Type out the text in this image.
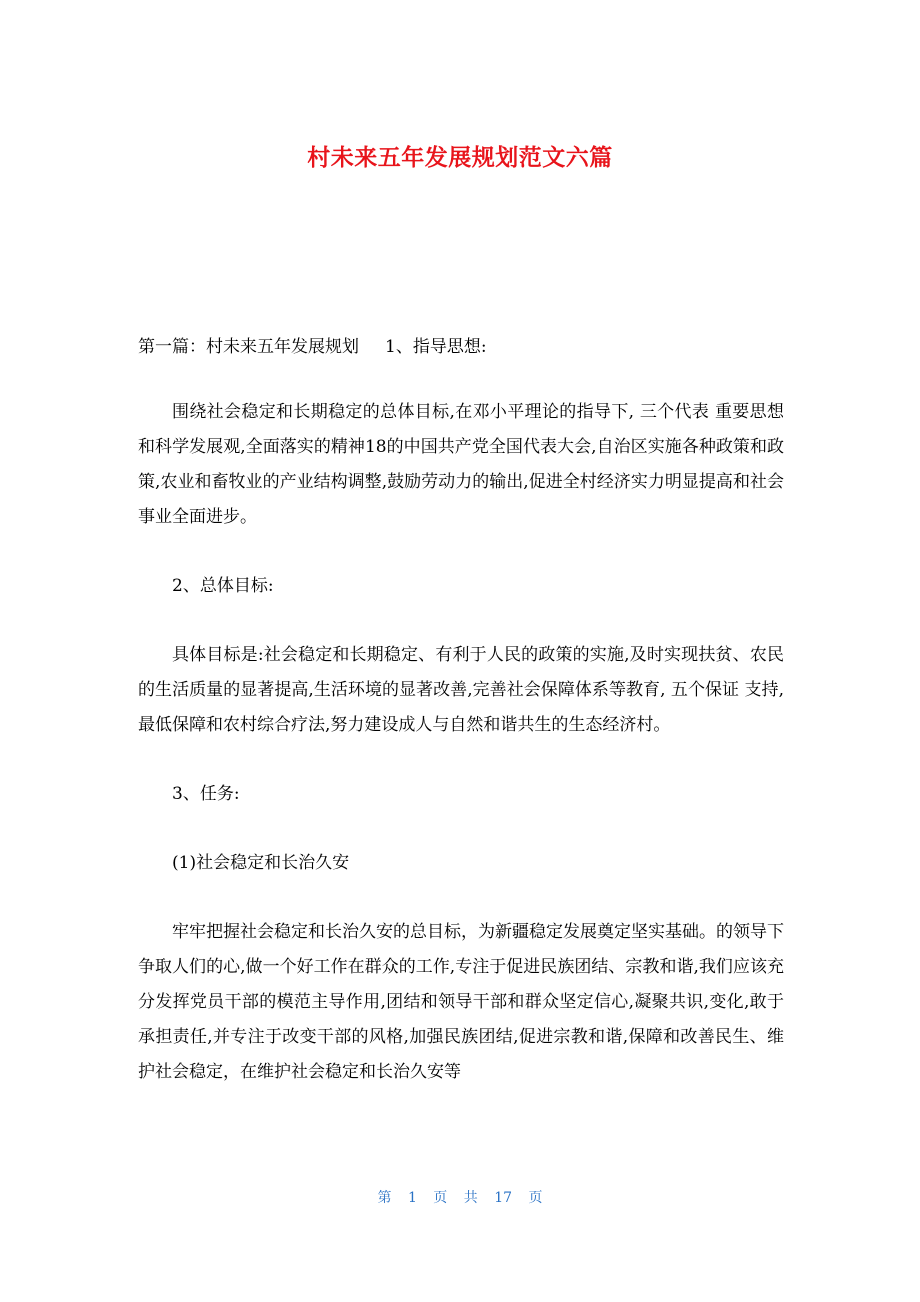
村未来五年发展规划范文六篇

第一篇：村未来五年发展规划 1、指导思想:

围绕社会稳定和长期稳定的总体目标,在邓小平理论的指导下, 三个代表 重要思想和科学发展观,全面落实的精神18的中国共产党全国代表大会,自治区实施各种政策和政策,农业和畜牧业的产业结构调整,鼓励劳动力的输出,促进全村经济实力明显提高和社会事业全面进步。

2、总体目标:

具体目标是:社会稳定和长期稳定、有利于人民的政策的实施,及时实现扶贫、农民的生活质量的显著提高,生活环境的显著改善,完善社会保障体系等教育, 五个保证 支持,最低保障和农村综合疗法,努力建设成人与自然和谐共生的生态经济村。

3、任务:

(1)社会稳定和长治久安

牢牢把握社会稳定和长治久安的总目标，为新疆稳定发展奠定坚实基础。的领导下争取人们的心,做一个好工作在群众的工作,专注于促进民族团结、宗教和谐,我们应该充分发挥党员干部的模范主导作用,团结和领导干部和群众坚定信心,凝聚共识,变化,敢于承担责任,并专注于改变干部的风格,加强民族团结,促进宗教和谐,保障和改善民生、维护社会稳定，在维护社会稳定和长治久安等

第 1 页 共 17 页
